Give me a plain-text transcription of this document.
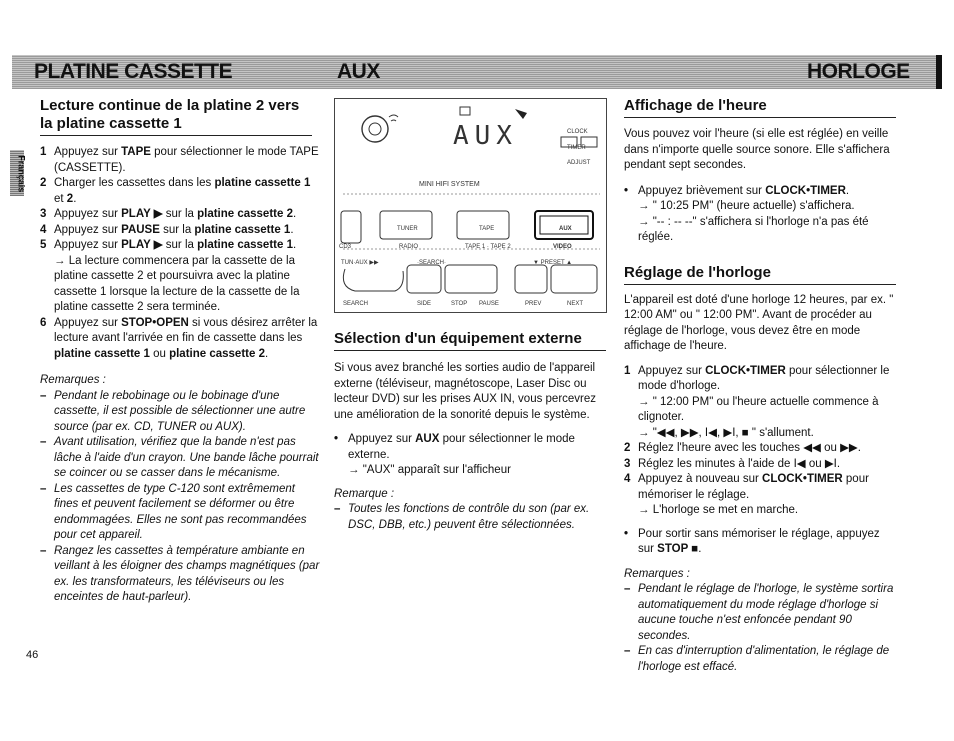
PLATINE CASSETTE	AUX	HORLOGE
Français
Lecture continue de la platine 2 vers la platine cassette 1
1 Appuyez sur TAPE pour sélectionner le mode TAPE (CASSETTE).
2 Charger les cassettes dans les platine cassette 1 et 2.
3 Appuyez sur PLAY ▶ sur la platine cassette 2.
4 Appuyez sur PAUSE sur la platine cassette 1.
5 Appuyez sur PLAY ▶ sur la platine cassette 1.
→ La lecture commencera par la cassette de la platine cassette 2 et poursuivra avec la platine cassette 1 lorsque la lecture de la cassette de la platine cassette 2 sera terminée.
6 Appuyez sur STOP•OPEN si vous désirez arrêter la lecture avant l'arrivée en fin de cassette dans les platine cassette 1 ou platine cassette 2.

Remarques :

– Pendant le rebobinage ou le bobinage d'une cassette, il est possible de sélectionner une autre source (par ex. CD, TUNER ou AUX).
– Avant utilisation, vérifiez que la bande n'est pas lâche à l'aide d'un crayon. Une bande lâche pourrait se coincer ou se casser dans le mécanisme.
– Les cassettes de type C-120 sont extrêmement fines et peuvent facilement se déformer ou être endommagées. Elles ne sont pas recommandées pour cet appareil.
– Rangez les cassettes à température ambiante en veillant à les éloigner des champs magnétiques (par ex. les transformateurs, les téléviseurs ou les enceintes de haut-parleur).
AUX	CLOCK TIMER ADJUST
MINI HIFI SYSTEM
TUNER	TAPE	AUX
CD3	RADIO	TAPE 1 · TAPE 2	VIDEO
TUN·AUX ▶▶	·SEARCH·	▼ PRESET ▲
SEARCH	SIDE	STOP PAUSE	PREV	NEXT
Sélection d'un équipement externe

Si vous avez branché les sorties audio de l'appareil externe (téléviseur, magnétoscope, Laser Disc ou lecteur DVD) sur les prises AUX IN, vous percevrez une amélioration de la sonorité depuis le système.

• Appuyez sur AUX pour sélectionner le mode externe.
→ "AUX" apparaît sur l'afficheur

Remarque :

– Toutes les fonctions de contrôle du son (par ex. DSC, DBB, etc.) peuvent être sélectionnées.
Affichage de l'heure

Vous pouvez voir l'heure (si elle est réglée) en veille dans n'importe quelle source sonore. Elle s'affichera pendant sept secondes.

• Appuyez brièvement sur CLOCK•TIMER.
→ " 10:25 PM" (heure actuelle) s'affichera.
→ "-- : -- --" s'affichera si l'horloge n'a pas été réglée.
Réglage de l'horloge

L'appareil est doté d'une horloge 12 heures, par ex. " 12:00 AM" ou " 12:00 PM". Avant de procéder au réglage de l'horloge, vous devez être en mode affichage de l'heure.

1 Appuyez sur CLOCK•TIMER pour sélectionner le mode d'horloge.
→ " 12:00 PM" ou l'heure actuelle commence à clignoter.
→ "◀◀, ▶▶, I◀, ▶I, ■ " s'allument.
2 Réglez l'heure avec les touches ◀◀ ou ▶▶.
3 Réglez les minutes à l'aide de I◀ ou ▶I.
4 Appuyez à nouveau sur CLOCK•TIMER pour mémoriser le réglage.
→ L'horloge se met en marche.
• Pour sortir sans mémoriser le réglage, appuyez sur STOP ■.

Remarques :

– Pendant le réglage de l'horloge, le système sortira automatiquement du mode réglage d'horloge si aucune touche n'est enfoncée pendant 90 secondes.
– En cas d'interruption d'alimentation, le réglage de l'horloge est effacé.
46
